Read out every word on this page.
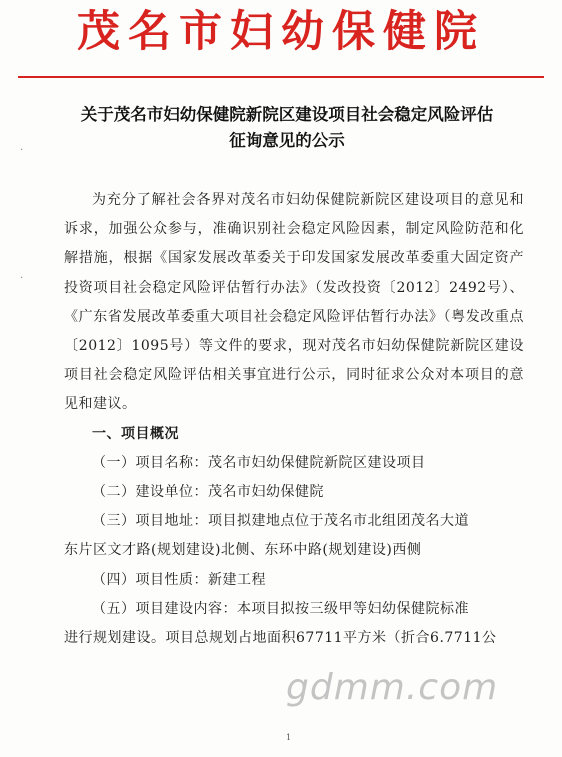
茂名市妇幼保健院
·
·
关于茂名市妇幼保健院新院区建设项目社会稳定风险评估
征询意见的公示

为充分了解社会各界对茂名市妇幼保健院新院区建设项目的意见和诉求，加强公众参与，准确识别社会稳定风险因素，制定风险防范和化解措施，根据《国家发展改革委关于印发国家发展改革委重大固定资产投资项目社会稳定风险评估暂行办法》（发改投资〔2012〕2492号）、《广东省发展改革委重大项目社会稳定风险评估暂行办法》（粤发改重点〔2012〕1095号）等文件的要求，现对茂名市妇幼保健院新院区建设项目社会稳定风险评估相关事宜进行公示，同时征求公众对本项目的意见和建议。

一、项目概况

（一）项目名称：茂名市妇幼保健院新院区建设项目

（二）建设单位：茂名市妇幼保健院

（三）项目地址：项目拟建地点位于茂名市北组团茂名大道

东片区文才路(规划建设)北侧、东环中路(规划建设)西侧

（四）项目性质：新建工程

（五）项目建设内容：本项目拟按三级甲等妇幼保健院标准

进行规划建设。项目总规划占地面积67711平方米（折合6.7711公

gdmm.com
1
